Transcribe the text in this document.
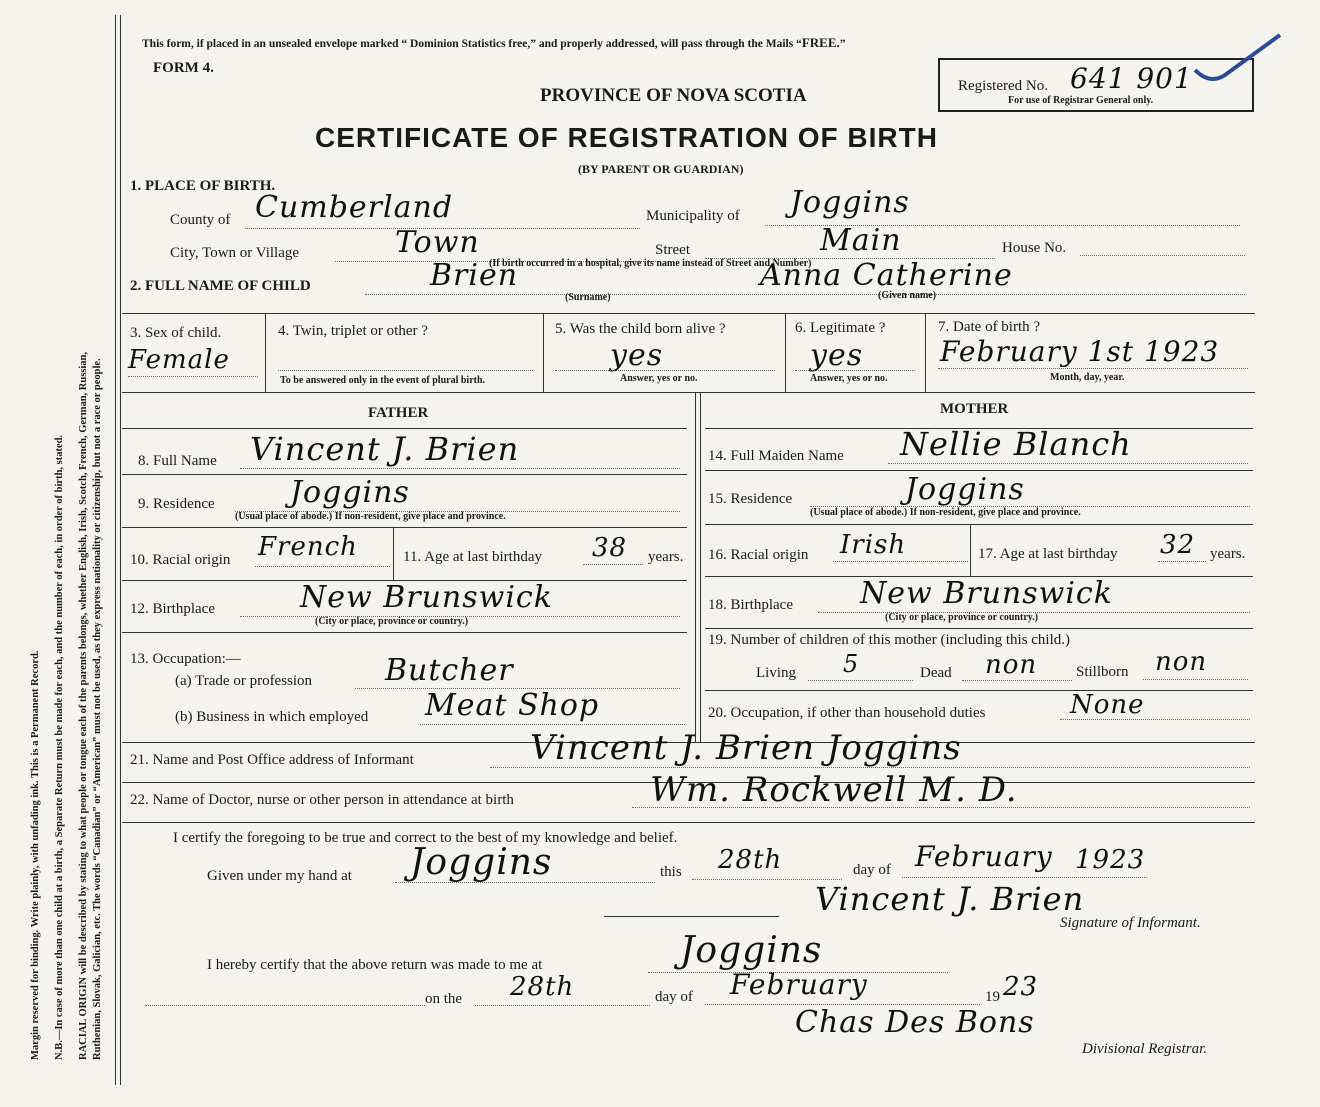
Margin reserved for binding. Write plainly, with unfading ink. This is a Permanent Record. N.B.—In case of more than one child at a birth, a Separate Return must be made for each, and the number of each, in order of birth, stated. RACIAL ORIGIN will be described by stating to what people or tongue each of the parents belongs, whether English, Irish, Scotch, French, German, Russian, Ruthenian, Slovak, Galician, etc. The words “Canadian” or “American” must not be used, as they express nationality or citizenship, but not a race or people.
This form, if placed in an unsealed envelope marked “ Dominion Statistics free,” and properly addressed, will pass through the Mails “FREE.”
FORM 4.
PROVINCE OF NOVA SCOTIA
CERTIFICATE OF REGISTRATION OF BIRTH
(BY PARENT OR GUARDIAN)
Registered No. 641 901
For use of Registrar General only.
1. PLACE OF BIRTH.
County of Cumberland	Municipality of Joggins
City, Town or Village	Town	Street	Main	House No.
(If birth occurred in a hospital, give its name instead of Street and Number)
2. FULL NAME OF CHILD	Brien
(Surname)
Anna Catherine
(Given name)
3. Sex of child.
Female
4. Twin, triplet or other ?
To be answered only in the event of plural birth.
5. Was the child born alive ?
yes
Answer, yes or no.
6. Legitimate ?
yes
Answer, yes or no.
7. Date of birth ?
February 1st 1923
Month, day, year.
FATHER	MOTHER
8. Full Name Vincent J. Brien
9. Residence	Joggins
(Usual place of abode.) If non-resident, give place and province.
10. Racial origin French	11. Age at last birthday 38 years.
12. Birthplace	New Brunswick
(City or place, province or country.)
13. Occupation:—
(a) Trade or profession Butcher
(b) Business in which employed Meat Shop
14. Full Maiden Name Nellie Blanch
15. Residence	Joggins
(Usual place of abode.) If non-resident, give place and province.
16. Racial origin Irish	17. Age at last birthday 32 years.
18. Birthplace New Brunswick
(City or place, province or country.)
19. Number of children of this mother (including this child.)
Living 5	Dead non	Stillborn non
20. Occupation, if other than household duties	None
21. Name and Post Office address of Informant	Vincent J. Brien Joggins
22. Name of Doctor, nurse or other person in attendance at birth	Wm. Rockwell M. D.
I certify the foregoing to be true and correct to the best of my knowledge and belief.
Given under my hand at Joggins	this 28th	day of February 1923
Vincent J. Brien
Signature of Informant.
I hereby certify that the above return was made to me at	Joggins
on the 28th	day of February	19 23
Chas Des Bons
Divisional Registrar.
